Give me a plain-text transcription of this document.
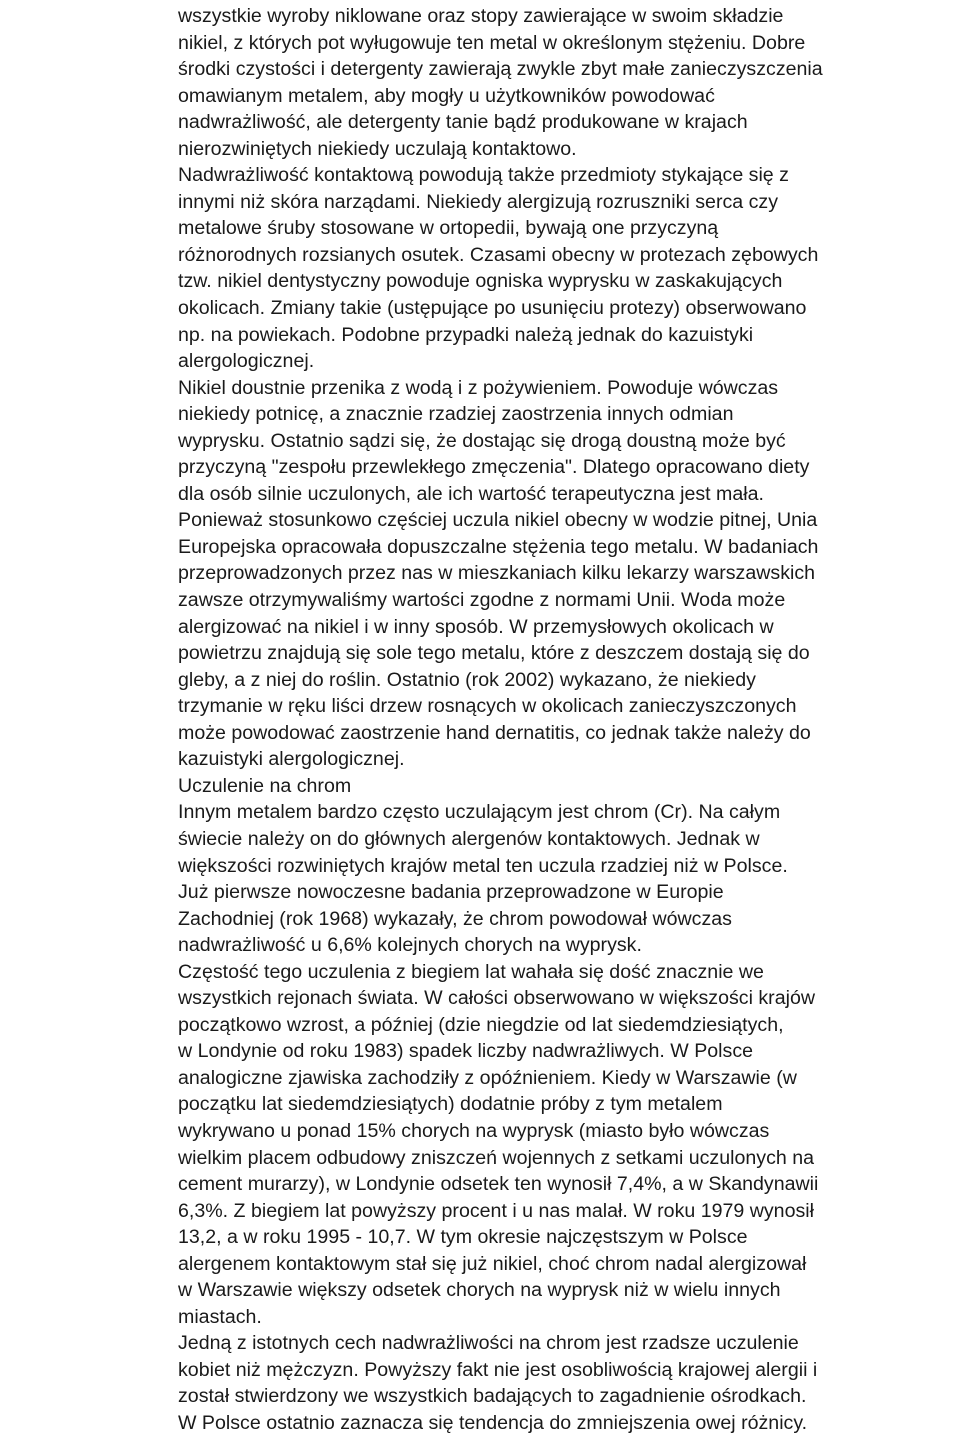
wszystkie wyroby niklowane oraz stopy zawierające w swoim składzie
nikiel, z których pot wyługowuje ten metal w określonym stężeniu. Dobre
środki czystości i detergenty zawierają zwykle zbyt małe zanieczyszczenia
omawianym metalem, aby mogły u użytkowników powodować
nadwrażliwość, ale detergenty tanie bądź produkowane w krajach
nierozwiniętych niekiedy uczulają kontaktowo.
Nadwrażliwość kontaktową powodują także przedmioty stykające się z
innymi niż skóra narządami. Niekiedy alergizują rozruszniki serca czy
metalowe śruby stosowane w ortopedii, bywają one przyczyną
różnorodnych rozsianych osutek. Czasami obecny w protezach zębowych
tzw. nikiel dentystyczny powoduje ogniska wyprysku w zaskakujących
okolicach. Zmiany takie (ustępujące po usunięciu protezy) obserwowano
np. na powiekach. Podobne przypadki należą jednak do kazuistyki
alergologicznej.
Nikiel doustnie przenika z wodą i z pożywieniem. Powoduje wówczas
niekiedy potnicę, a znacznie rzadziej zaostrzenia innych odmian
wyprysku. Ostatnio sądzi się, że dostając się drogą doustną może być
przyczyną "zespołu przewlekłego zmęczenia". Dlatego opracowano diety
dla osób silnie uczulonych, ale ich wartość terapeutyczna jest mała.
Ponieważ stosunkowo częściej uczula nikiel obecny w wodzie pitnej, Unia
Europejska opracowała dopuszczalne stężenia tego metalu. W badaniach
przeprowadzonych przez nas w mieszkaniach kilku lekarzy warszawskich
zawsze otrzymywaliśmy wartości zgodne z normami Unii. Woda może
alergizować na nikiel i w inny sposób. W przemysłowych okolicach w
powietrzu znajdują się sole tego metalu, które z deszczem dostają się do
gleby, a z niej do roślin. Ostatnio (rok 2002) wykazano, że niekiedy
trzymanie w ręku liści drzew rosnących w okolicach zanieczyszczonych
może powodować zaostrzenie hand dernatitis, co jednak także należy do
kazuistyki alergologicznej.
Uczulenie na chrom
Innym metalem bardzo często uczulającym jest chrom (Cr). Na całym
świecie należy on do głównych alergenów kontaktowych. Jednak w
większości rozwiniętych krajów metal ten uczula rzadziej niż w Polsce.
Już pierwsze nowoczesne badania przeprowadzone w Europie
Zachodniej (rok 1968) wykazały, że chrom powodował wówczas
nadwrażliwość u 6,6% kolejnych chorych na wyprysk.
Częstość tego uczulenia z biegiem lat wahała się dość znacznie we
wszystkich rejonach świata. W całości obserwowano w większości krajów
początkowo wzrost, a później (dzie niegdzie od lat siedemdziesiątych,
w Londynie od roku 1983) spadek liczby nadwrażliwych. W Polsce
analogiczne zjawiska zachodziły z opóźnieniem. Kiedy w Warszawie (w
początku lat siedemdziesiątych) dodatnie próby z tym metalem
wykrywano u ponad 15% chorych na wyprysk (miasto było wówczas
wielkim placem odbudowy zniszczeń wojennych z setkami uczulonych na
cement murarzy), w Londynie odsetek ten wynosił 7,4%, a w Skandynawii
6,3%. Z biegiem lat powyższy procent i u nas malał. W roku 1979 wynosił
13,2, a w roku 1995 - 10,7. W tym okresie najczęstszym w Polsce
alergenem kontaktowym stał się już nikiel, choć chrom nadal alergizował
w Warszawie większy odsetek chorych na wyprysk niż w wielu innych
miastach.
Jedną z istotnych cech nadwrażliwości na chrom jest rzadsze uczulenie
kobiet niż mężczyzn. Powyższy fakt nie jest osobliwością krajowej alergii i
został stwierdzony we wszystkich badających to zagadnienie ośrodkach.
W Polsce ostatnio zaznacza się tendencja do zmniejszenia owej różnicy.
